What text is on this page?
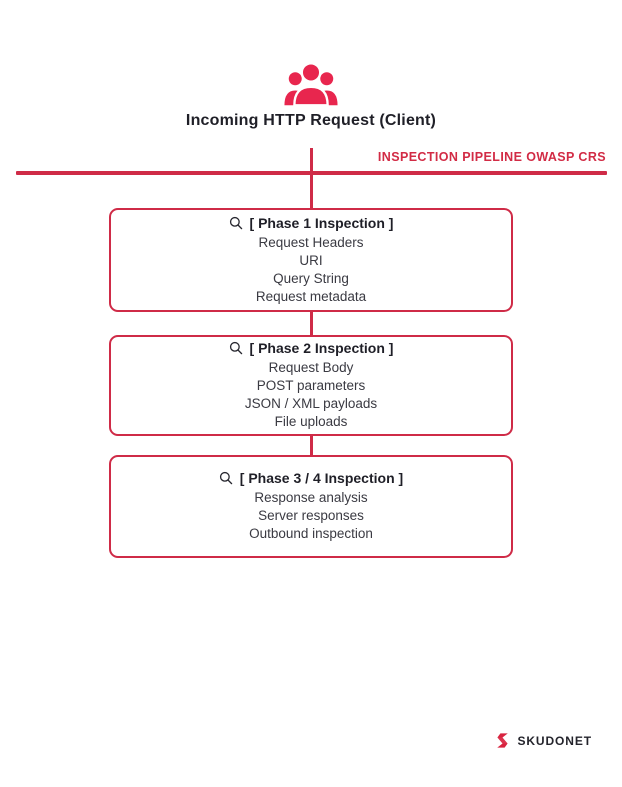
Incoming HTTP Request (Client)
INSPECTION PIPELINE OWASP CRS
[ Phase 1 Inspection ]
Request Headers
URI
Query String
Request metadata
[ Phase 2 Inspection ]
Request Body
POST parameters
JSON / XML payloads
File uploads
[ Phase 3 / 4 Inspection ]
Response analysis
Server responses
Outbound inspection
SKUDONET
